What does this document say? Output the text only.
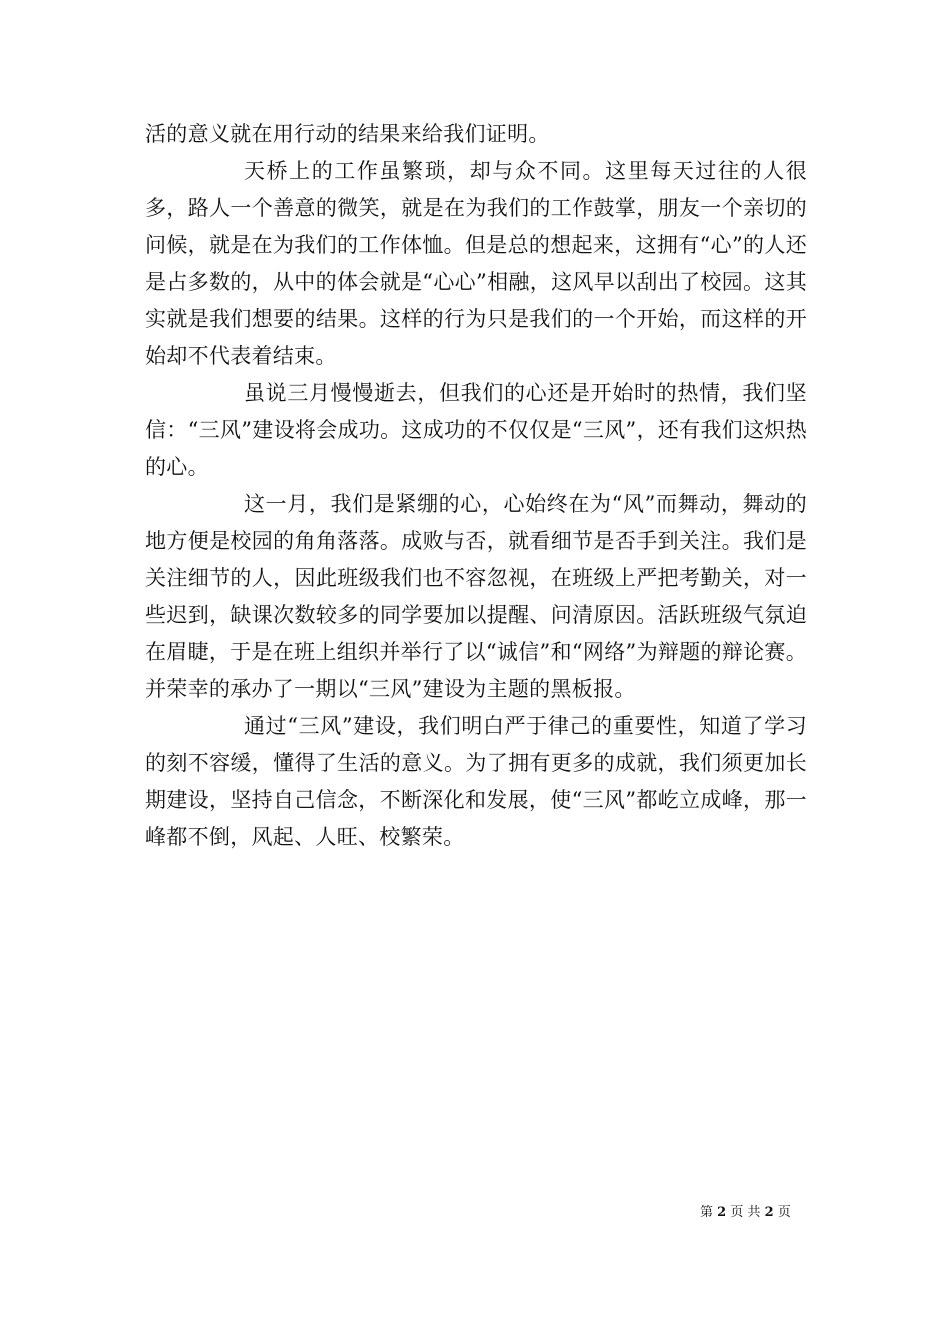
活的意义就在用行动的结果来给我们证明。

天桥上的工作虽繁琐，却与众不同。这里每天过往的人很多，路人一个善意的微笑，就是在为我们的工作鼓掌，朋友一个亲切的问候，就是在为我们的工作体恤。但是总的想起来，这拥有“心”的人还是占多数的，从中的体会就是“心心”相融，这风早以刮出了校园。这其实就是我们想要的结果。这样的行为只是我们的一个开始，而这样的开始却不代表着结束。

虽说三月慢慢逝去，但我们的心还是开始时的热情，我们坚信：“三风”建设将会成功。这成功的不仅仅是“三风”，还有我们这炽热的心。

这一月，我们是紧绷的心，心始终在为“风”而舞动，舞动的地方便是校园的角角落落。成败与否，就看细节是否手到关注。我们是关注细节的人，因此班级我们也不容忽视，在班级上严把考勤关，对一些迟到，缺课次数较多的同学要加以提醒、问清原因。活跃班级气氛迫在眉睫，于是在班上组织并举行了以“诚信”和“网络”为辩题的辩论赛。并荣幸的承办了一期以“三风”建设为主题的黑板报。

通过“三风”建设，我们明白严于律己的重要性，知道了学习的刻不容缓，懂得了生活的意义。为了拥有更多的成就，我们须更加长期建设，坚持自己信念，不断深化和发展，使“三风”都屹立成峰，那一峰都不倒，风起、人旺、校繁荣。

第 2 页 共 2 页
